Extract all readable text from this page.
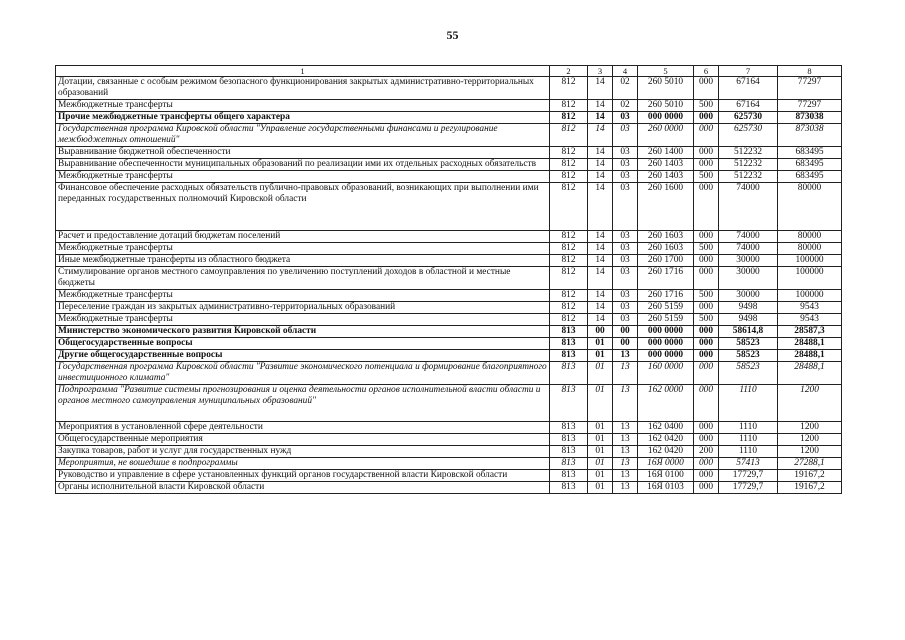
55
1	2	3	4	5	6	7	8
Дотации, связанные с особым режимом безопасного функционирования закрытых административно-территориальных образований	812	14	02	260 5010	000	67164	77297
Межбюджетные трансферты	812	14	02	260 5010	500	67164	77297
Прочие межбюджетные трансферты общего характера	812	14	03	000 0000	000	625730	873038
Государственная программа Кировской области "Управление государственными финансами и регулирование межбюджетных отношений"	812	14	03	260 0000	000	625730	873038
Выравнивание бюджетной обеспеченности	812	14	03	260 1400	000	512232	683495
Выравнивание обеспеченности муниципальных образований по реализации ими их отдельных расходных обязательств	812	14	03	260 1403	000	512232	683495
Межбюджетные трансферты	812	14	03	260 1403	500	512232	683495
Финансовое обеспечение расходных обязательств публично-правовых образований, возникающих при выполнении ими переданных государственных полномочий Кировской области	812	14	03	260 1600	000	74000	80000
Расчет и предоставление дотаций бюджетам поселений	812	14	03	260 1603	000	74000	80000
Межбюджетные трансферты	812	14	03	260 1603	500	74000	80000
Иные межбюджетные трансферты из областного бюджета	812	14	03	260 1700	000	30000	100000
Стимулирование органов местного самоуправления по увеличению поступлений доходов в областной и местные бюджеты	812	14	03	260 1716	000	30000	100000
Межбюджетные трансферты	812	14	03	260 1716	500	30000	100000
Переселение граждан из закрытых административно-территориальных образований	812	14	03	260 5159	000	9498	9543
Межбюджетные трансферты	812	14	03	260 5159	500	9498	9543
Министерство экономического развития Кировской области	813	00	00	000 0000	000	58614,8	28587,3
Общегосударственные вопросы	813	01	00	000 0000	000	58523	28488,1
Другие общегосударственные вопросы	813	01	13	000 0000	000	58523	28488,1
Государственная программа Кировской области "Развитие экономического потенциала и формирование благоприятного инвестиционного климата"	813	01	13	160 0000	000	58523	28488,1
Подпрограмма "Развитие системы прогнозирования и оценка деятельности органов исполнительной власти области и органов местного самоуправления муниципальных образований"	813	01	13	162 0000	000	1110	1200
Мероприятия в установленной сфере деятельности	813	01	13	162 0400	000	1110	1200
Общегосударственные мероприятия	813	01	13	162 0420	000	1110	1200
Закупка товаров, работ и услуг для государственных нужд	813	01	13	162 0420	200	1110	1200
Мероприятия, не вошедшие в подпрограммы	813	01	13	16Я 0000	000	57413	27288,1
Руководство и управление в сфере установленных функций органов государственной власти Кировской области	813	01	13	16Я 0100	000	17729,7	19167,2
Органы исполнительной власти Кировской области	813	01	13	16Я 0103	000	17729,7	19167,2
